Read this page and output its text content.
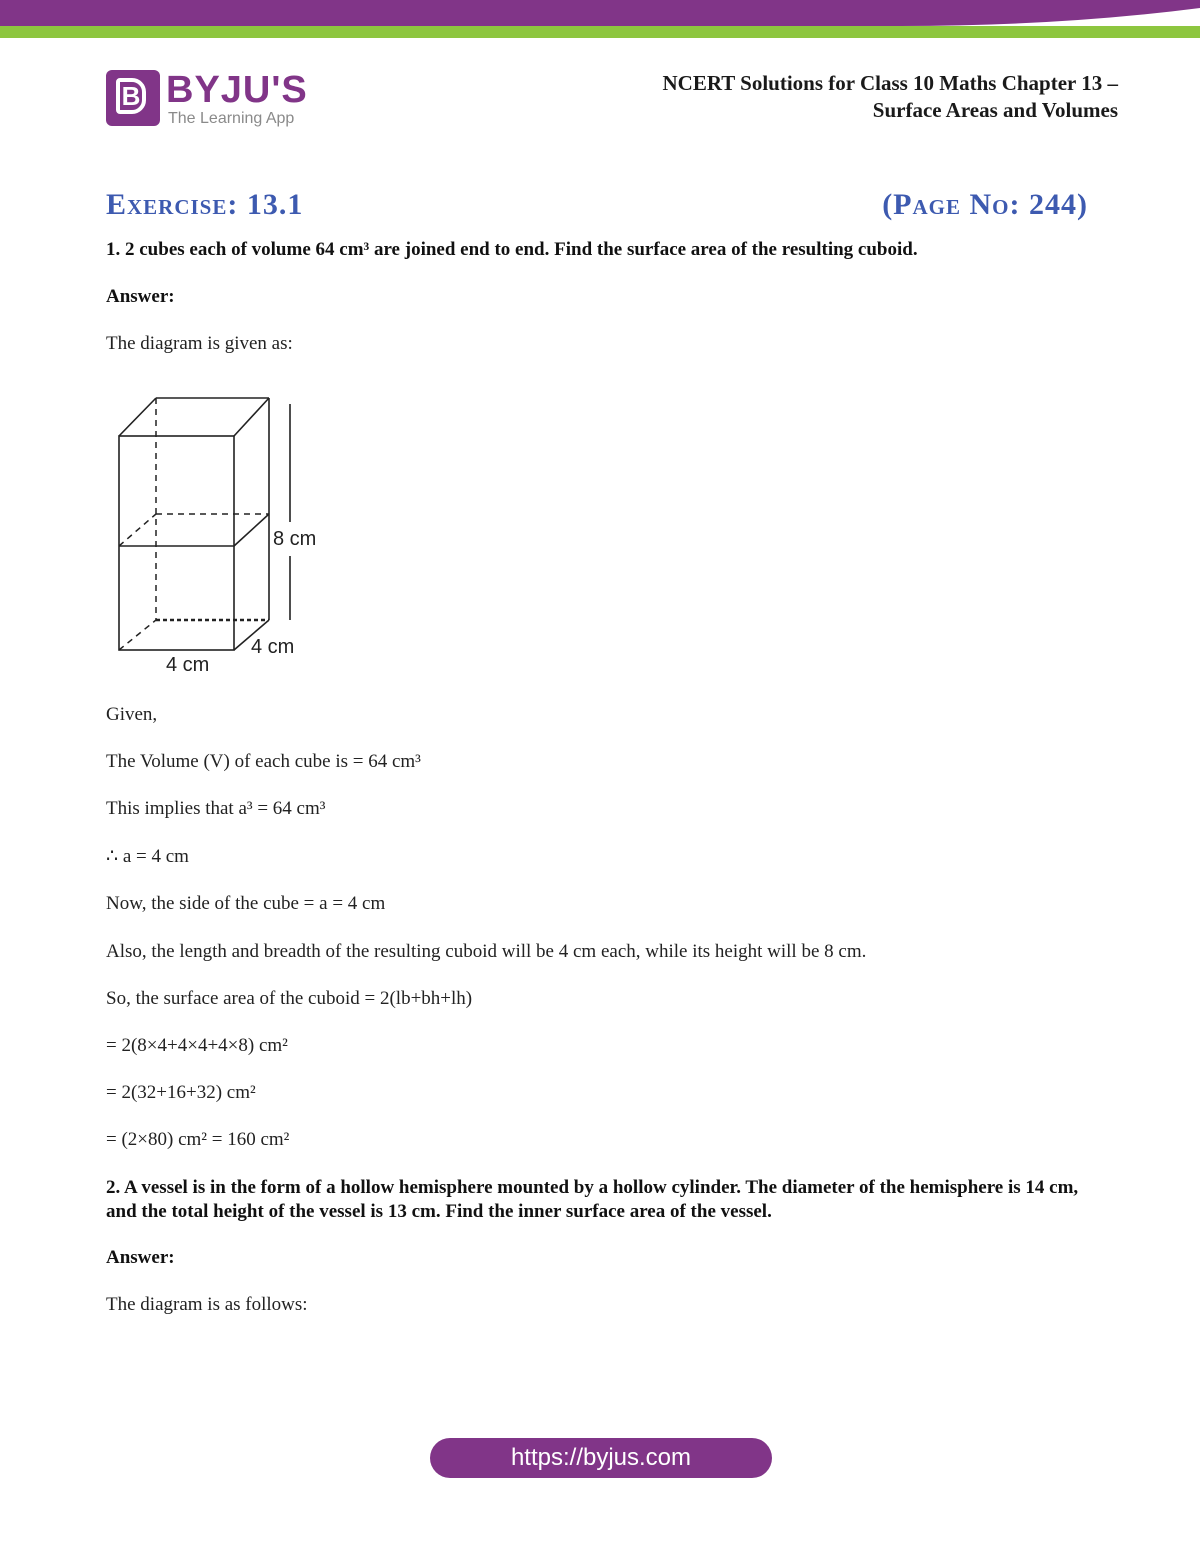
B BYJU'S
The Learning App
NCERT Solutions for Class 10 Maths Chapter 13 –
Surface Areas and Volumes
Exercise: 13.1	(Page No: 244)
1. 2 cubes each of volume 64 cm³ are joined end to end. Find the surface area of the resulting cuboid.
Answer:
The diagram is given as:
8 cm
4 cm
4 cm
Given,
The Volume (V) of each cube is = 64 cm³
This implies that a³ = 64 cm³
∴ a = 4 cm
Now, the side of the cube = a = 4 cm
Also, the length and breadth of the resulting cuboid will be 4 cm each, while its height will be 8 cm.
So, the surface area of the cuboid = 2(lb+bh+lh)
= 2(8×4+4×4+4×8) cm²
= 2(32+16+32) cm²
= (2×80) cm² = 160 cm²
2. A vessel is in the form of a hollow hemisphere mounted by a hollow cylinder. The diameter of the hemisphere is 14 cm, and the total height of the vessel is 13 cm. Find the inner surface area of the vessel.
Answer:
The diagram is as follows:
https://byjus.com
